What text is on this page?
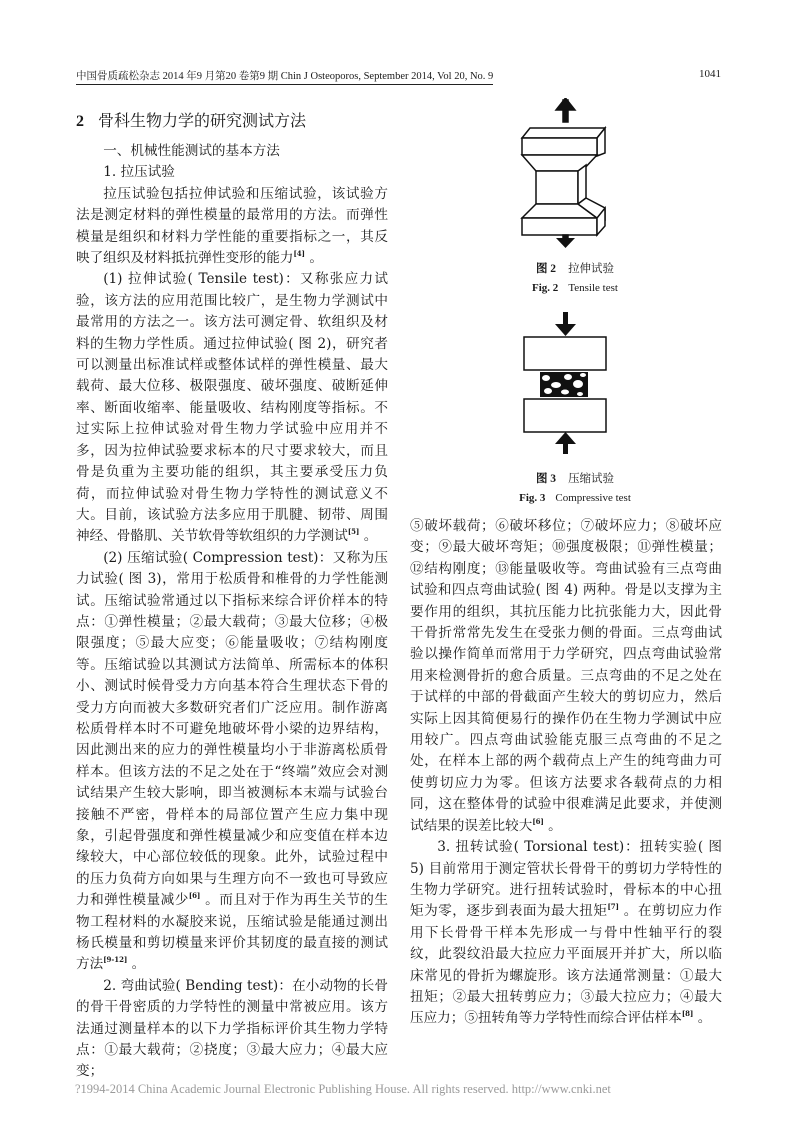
中国骨质疏松杂志 2014 年9 月第20 卷第9 期 Chin J Osteoporos, September 2014, Vol 20, No. 9	1041
2 骨科生物力学的研究测试方法

一、机械性能测试的基本方法

1. 拉压试验

拉压试验包括拉伸试验和压缩试验，该试验方法是测定材料的弹性模量的最常用的方法。而弹性模量是组织和材料力学性能的重要指标之一，其反映了组织及材料抵抗弹性变形的能力[4] 。

(1) 拉伸试验( Tensile test)：又称张应力试验，该方法的应用范围比较广，是生物力学测试中最常用的方法之一。该方法可测定骨、软组织及材料的生物力学性质。通过拉伸试验( 图 2)，研究者可以测量出标准试样或整体试样的弹性模量、最大载荷、最大位移、极限强度、破坏强度、破断延伸率、断面收缩率、能量吸收、结构刚度等指标。不过实际上拉伸试验对骨生物力学试验中应用并不多，因为拉伸试验要求标本的尺寸要求较大，而且骨是负重为主要功能的组织，其主要承受压力负荷，而拉伸试验对骨生物力学特性的测试意义不大。目前，该试验方法多应用于肌腱、韧带、周围神经、骨骼肌、关节软骨等软组织的力学测试[5] 。

(2) 压缩试验( Compression test)：又称为压力试验( 图 3)，常用于松质骨和椎骨的力学性能测试。压缩试验常通过以下指标来综合评价样本的特点：①弹性模量；②最大载荷；③最大位移；④极限强度；⑤最大应变；⑥能量吸收；⑦结构刚度等。压缩试验以其测试方法简单、所需标本的体积小、测试时候骨受力方向基本符合生理状态下骨的受力方向而被大多数研究者们广泛应用。制作游离松质骨样本时不可避免地破坏骨小梁的边界结构，因此测出来的应力的弹性模量均小于非游离松质骨样本。但该方法的不足之处在于“终端”效应会对测试结果产生较大影响，即当被测标本末端与试验台接触不严密，骨样本的局部位置产生应力集中现象，引起骨强度和弹性模量减少和应变值在样本边缘较大，中心部位较低的现象。此外，试验过程中的压力负荷方向如果与生理方向不一致也可导致应力和弹性模量减少[6] 。而且对于作为再生关节的生物工程材料的水凝胶来说，压缩试验是能通过测出杨氏模量和剪切模量来评价其韧度的最直接的测试方法[9-12] 。

2. 弯曲试验( Bending test)：在小动物的长骨的骨干骨密质的力学特性的测量中常被应用。该方法通过测量样本的以下力学指标评价其生物力学特点：①最大载荷；②挠度；③最大应力；④最大应变；

图 2 拉伸试验
Fig. 2 Tensile test
图 3 压缩试验
Fig. 3 Compressive test

⑤破坏载荷；⑥破坏移位；⑦破坏应力；⑧破坏应变；⑨最大破坏弯矩；⑩强度极限；⑪弹性模量；⑫结构刚度；⑬能量吸收等。弯曲试验有三点弯曲试验和四点弯曲试验( 图 4) 两种。骨是以支撑为主要作用的组织，其抗压能力比抗张能力大，因此骨干骨折常常先发生在受张力侧的骨面。三点弯曲试验以操作简单而常用于力学研究，四点弯曲试验常用来检测骨折的愈合质量。三点弯曲的不足之处在于试样的中部的骨截面产生较大的剪切应力，然后实际上因其简便易行的操作仍在生物力学测试中应用较广。四点弯曲试验能克服三点弯曲的不足之处，在样本上部的两个载荷点上产生的纯弯曲力可使剪切应力为零。但该方法要求各载荷点的力相同，这在整体骨的试验中很难满足此要求，并使测试结果的误差比较大[6] 。

3. 扭转试验( Torsional test)：扭转实验( 图 5) 目前常用于测定管状长骨骨干的剪切力学特性的生物力学研究。进行扭转试验时，骨标本的中心扭矩为零，逐步到表面为最大扭矩[7] 。在剪切应力作用下长骨骨干样本先形成一与骨中性轴平行的裂纹，此裂纹沿最大拉应力平面展开并扩大，所以临床常见的骨折为螺旋形。该方法通常测量：①最大扭矩；②最大扭转剪应力；③最大拉应力；④最大压应力；⑤扭转角等力学特性而综合评估样本[8] 。

?1994-2014 China Academic Journal Electronic Publishing House. All rights reserved. http://www.cnki.net
